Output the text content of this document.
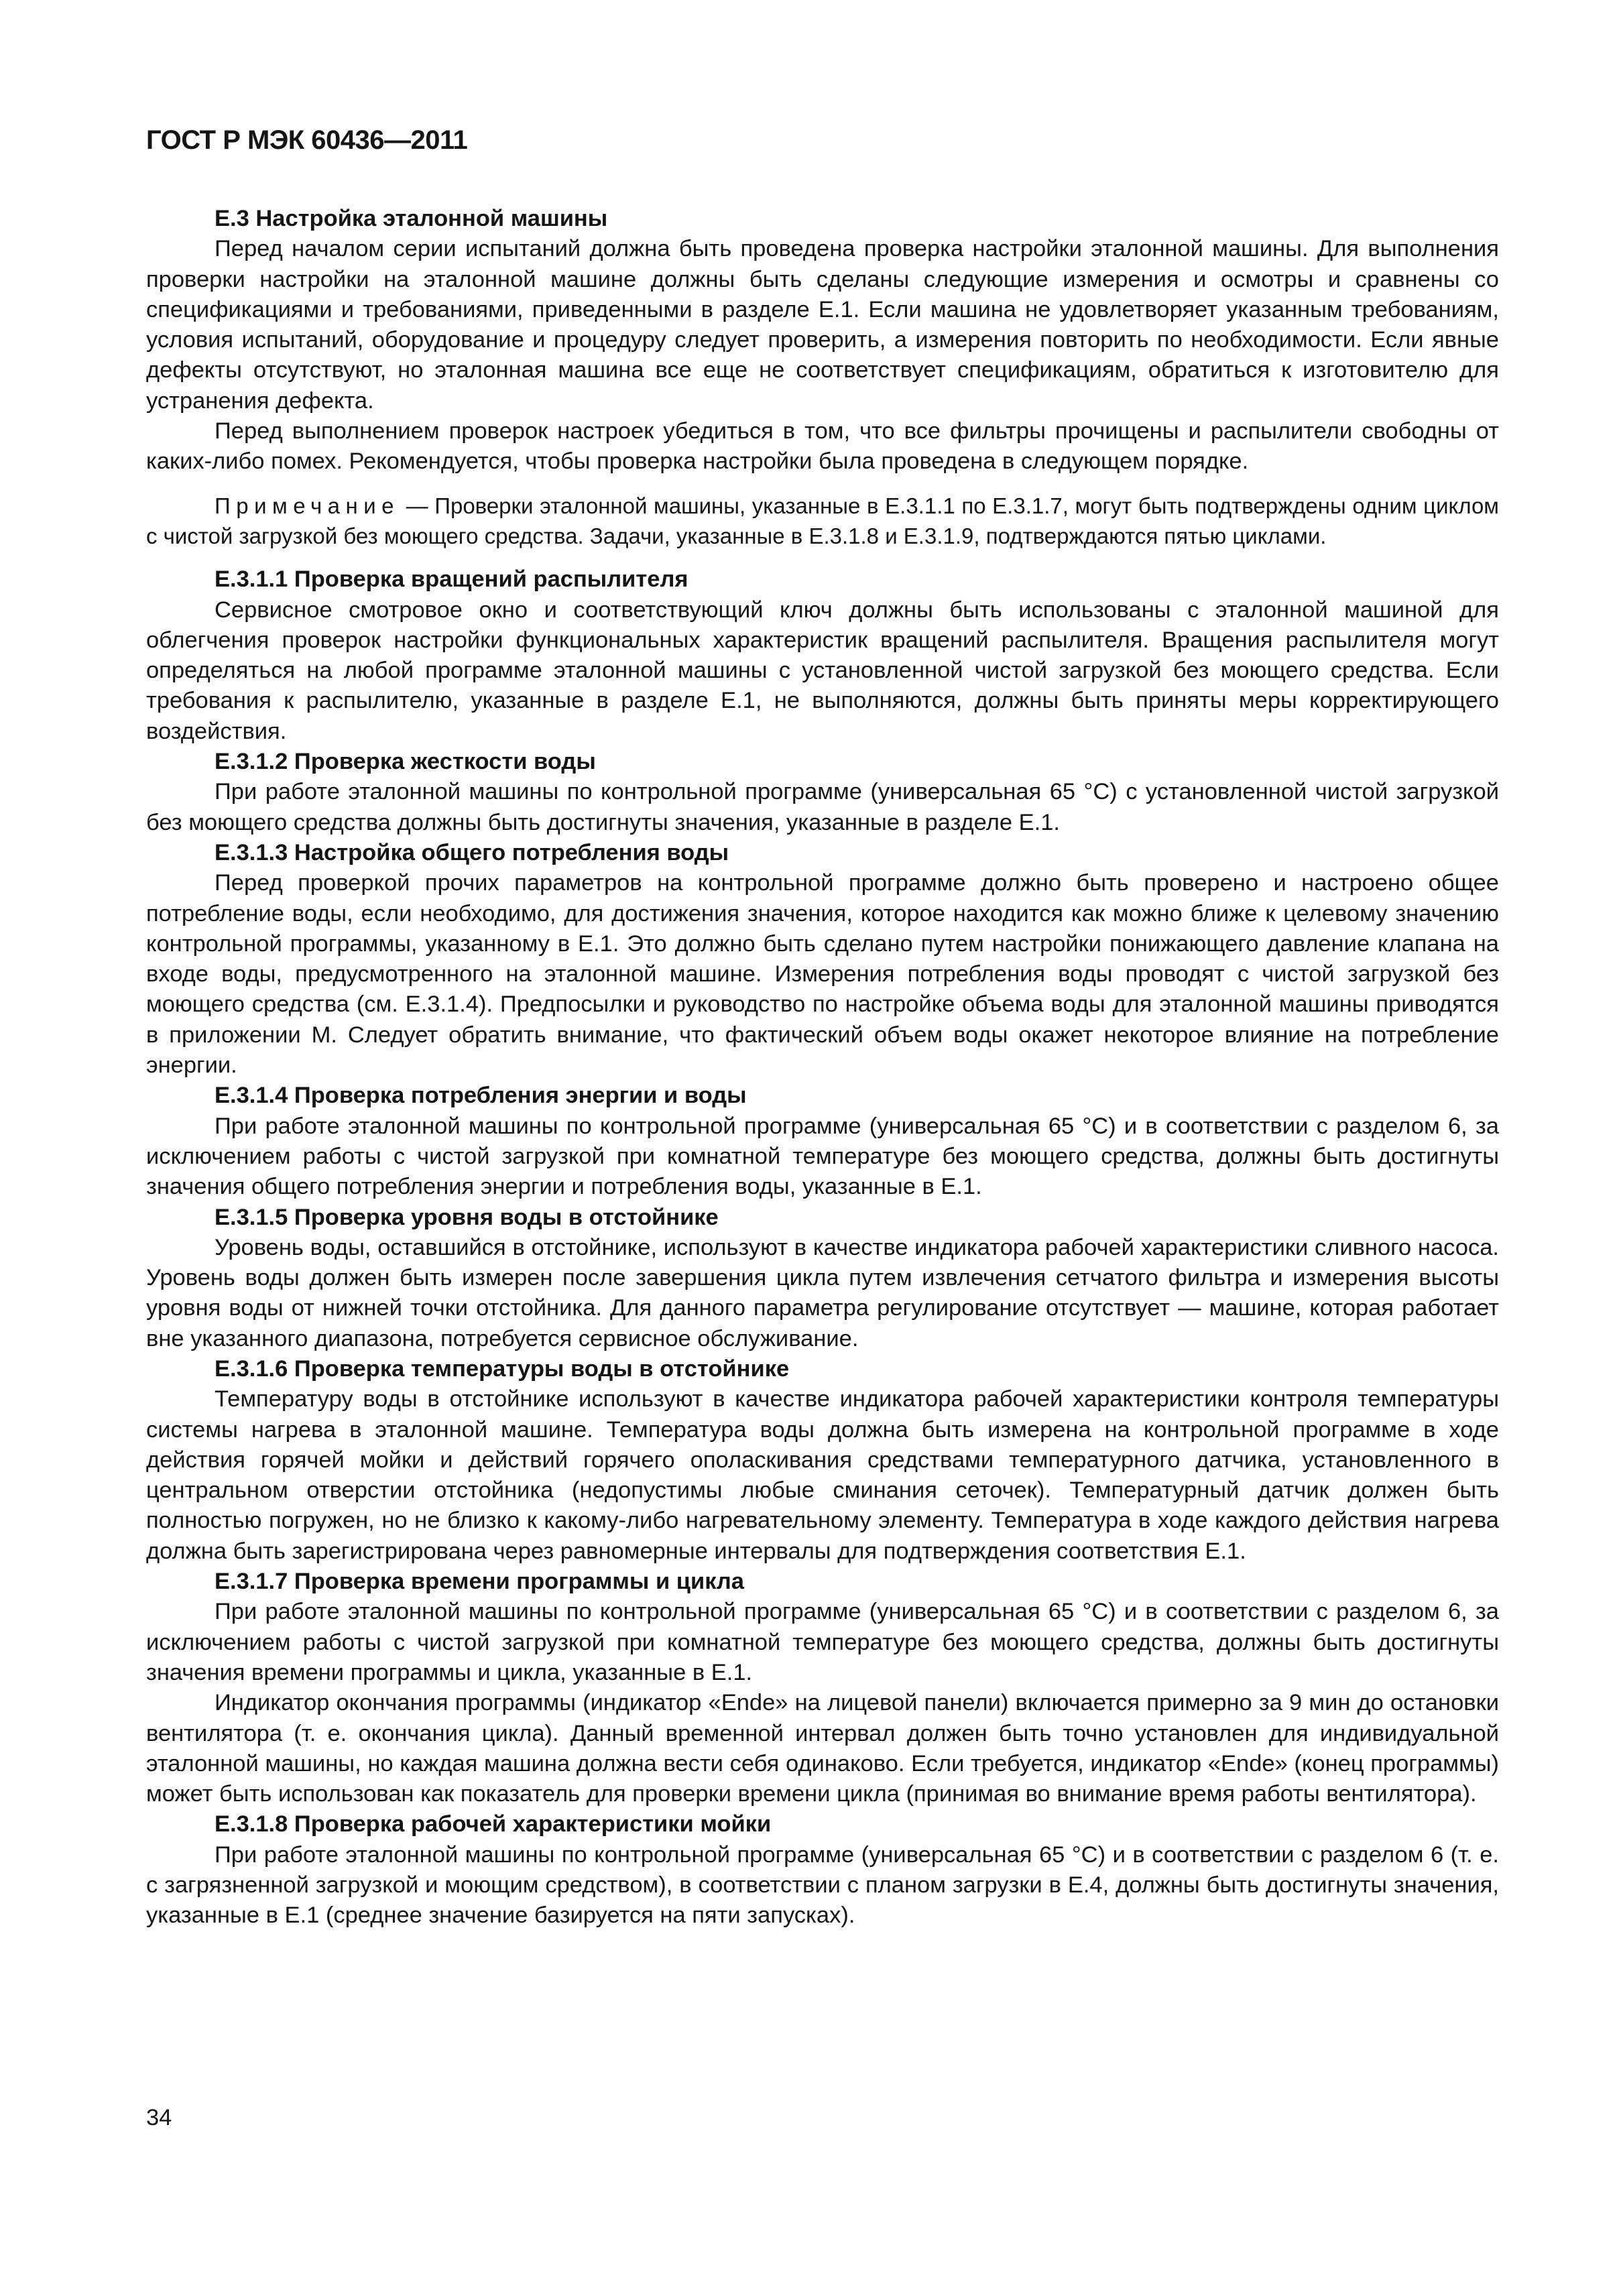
ГОСТ Р МЭК 60436—2011

Е.3 Настройка эталонной машины

Перед началом серии испытаний должна быть проведена проверка настройки эталонной машины. Для выполнения проверки настройки на эталонной машине должны быть сделаны следующие измерения и осмотры и сравнены со спецификациями и требованиями, приведенными в разделе Е.1. Если машина не удовлетворяет указанным требованиям, условия испытаний, оборудование и процедуру следует проверить, а измерения повторить по необходимости. Если явные дефекты отсутствуют, но эталонная машина все еще не соответствует спецификациям, обратиться к изготовителю для устранения дефекта.

Перед выполнением проверок настроек убедиться в том, что все фильтры прочищены и распылители свободны от каких-либо помех. Рекомендуется, чтобы проверка настройки была проведена в следующем порядке.

Примечание — Проверки эталонной машины, указанные в Е.3.1.1 по Е.3.1.7, могут быть подтверждены одним циклом с чистой загрузкой без моющего средства. Задачи, указанные в Е.3.1.8 и Е.3.1.9, подтверждаются пятью циклами.

Е.3.1.1 Проверка вращений распылителя

Сервисное смотровое окно и соответствующий ключ должны быть использованы с эталонной машиной для облегчения проверок настройки функциональных характеристик вращений распылителя. Вращения распылителя могут определяться на любой программе эталонной машины с установленной чистой загрузкой без моющего средства. Если требования к распылителю, указанные в разделе Е.1, не выполняются, должны быть приняты меры корректирующего воздействия.

Е.3.1.2 Проверка жесткости воды

При работе эталонной машины по контрольной программе (универсальная 65 °С) с установленной чистой загрузкой без моющего средства должны быть достигнуты значения, указанные в разделе Е.1.

Е.3.1.3 Настройка общего потребления воды

Перед проверкой прочих параметров на контрольной программе должно быть проверено и настроено общее потребление воды, если необходимо, для достижения значения, которое находится как можно ближе к целевому значению контрольной программы, указанному в Е.1. Это должно быть сделано путем настройки понижающего давление клапана на входе воды, предусмотренного на эталонной машине. Измерения потребления воды проводят с чистой загрузкой без моющего средства (см. Е.3.1.4). Предпосылки и руководство по настройке объема воды для эталонной машины приводятся в приложении М. Следует обратить внимание, что фактический объем воды окажет некоторое влияние на потребление энергии.

Е.3.1.4 Проверка потребления энергии и воды

При работе эталонной машины по контрольной программе (универсальная 65 °С) и в соответствии с разделом 6, за исключением работы с чистой загрузкой при комнатной температуре без моющего средства, должны быть достигнуты значения общего потребления энергии и потребления воды, указанные в Е.1.

Е.3.1.5 Проверка уровня воды в отстойнике

Уровень воды, оставшийся в отстойнике, используют в качестве индикатора рабочей характеристики сливного насоса. Уровень воды должен быть измерен после завершения цикла путем извлечения сетчатого фильтра и измерения высоты уровня воды от нижней точки отстойника. Для данного параметра регулирование отсутствует — машине, которая работает вне указанного диапазона, потребуется сервисное обслуживание.

Е.3.1.6 Проверка температуры воды в отстойнике

Температуру воды в отстойнике используют в качестве индикатора рабочей характеристики контроля температуры системы нагрева в эталонной машине. Температура воды должна быть измерена на контрольной программе в ходе действия горячей мойки и действий горячего ополаскивания средствами температурного датчика, установленного в центральном отверстии отстойника (недопустимы любые сминания сеточек). Температурный датчик должен быть полностью погружен, но не близко к какому-либо нагревательному элементу. Температура в ходе каждого действия нагрева должна быть зарегистрирована через равномерные интервалы для подтверждения соответствия Е.1.

Е.3.1.7 Проверка времени программы и цикла

При работе эталонной машины по контрольной программе (универсальная 65 °С) и в соответствии с разделом 6, за исключением работы с чистой загрузкой при комнатной температуре без моющего средства, должны быть достигнуты значения времени программы и цикла, указанные в Е.1.

Индикатор окончания программы (индикатор «Ende» на лицевой панели) включается примерно за 9 мин до остановки вентилятора (т. е. окончания цикла). Данный временной интервал должен быть точно установлен для индивидуальной эталонной машины, но каждая машина должна вести себя одинаково. Если требуется, индикатор «Ende» (конец программы) может быть использован как показатель для проверки времени цикла (принимая во внимание время работы вентилятора).

Е.3.1.8 Проверка рабочей характеристики мойки

При работе эталонной машины по контрольной программе (универсальная 65 °С) и в соответствии с разделом 6 (т. е. с загрязненной загрузкой и моющим средством), в соответствии с планом загрузки в Е.4, должны быть достигнуты значения, указанные в Е.1 (среднее значение базируется на пяти запусках).

34
